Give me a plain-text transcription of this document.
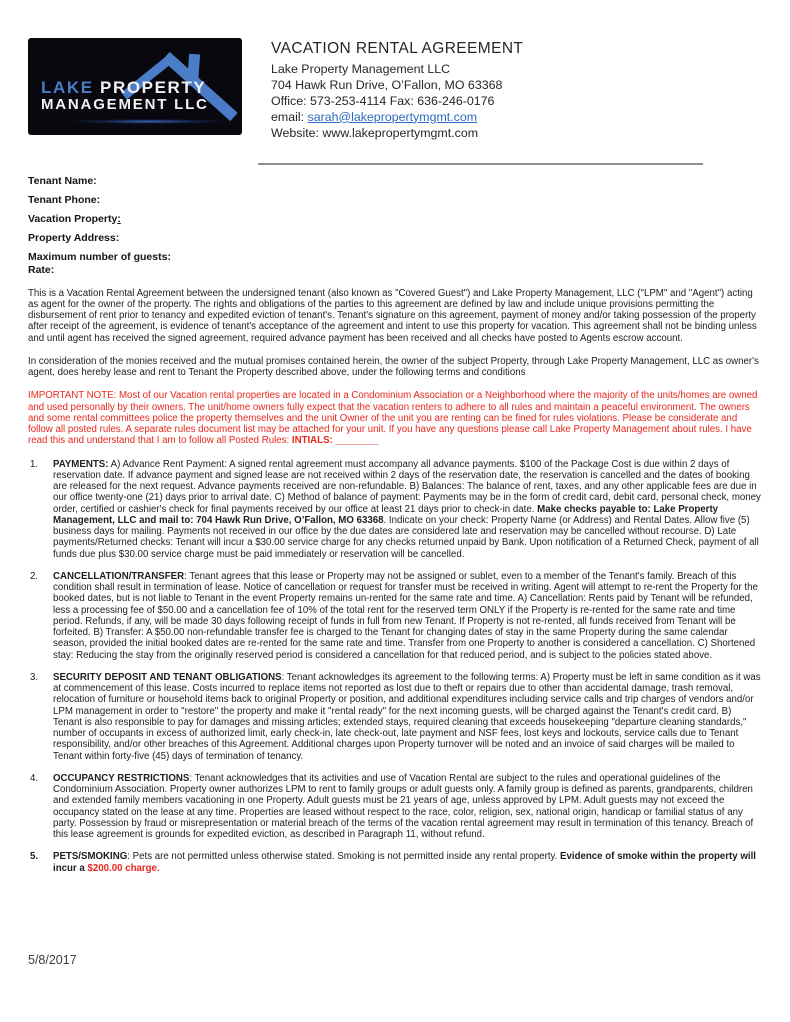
LAKE PROPERTY
MANAGEMENT LLC
VACATION RENTAL AGREEMENT
Lake Property Management LLC
704 Hawk Run Drive, O’Fallon, MO 63368
Office: 573-253-4114 Fax: 636-246-0176
email: sarah@lakepropertymgmt.com
Website: www.lakepropertymgmt.com
Tenant Name:
Tenant Phone:
Vacation Property:
Property Address:
Maximum number of guests:
Rate:
This is a Vacation Rental Agreement between the undersigned tenant (also known as "Covered Guest") and Lake Property Management, LLC ("LPM" and "Agent") acting as agent for the owner of the property. The rights and obligations of the parties to this agreement are defined by law and include unique provisions permitting the disbursement of rent prior to tenancy and expedited eviction of tenant's. Tenant's signature on this agreement, payment of money and/or taking possession of the property after receipt of the agreement, is evidence of tenant's acceptance of the agreement and intent to use this property for vacation. This agreement shall not be binding unless and until agent has received the signed agreement, required advance payment has been received and all checks have posted to Agents escrow account.
In consideration of the monies received and the mutual promises contained herein, the owner of the subject Property, through Lake Property Management, LLC as owner's agent, does hereby lease and rent to Tenant the Property described above, under the following terms and conditions
IMPORTANT NOTE: Most of our Vacation rental properties are located in a Condominium Association or a Neighborhood where the majority of the units/homes are owned and used personally by their owners. The unit/home owners fully expect that the vacation renters to adhere to all rules and maintain a peaceful environment. The owners and some rental committees police the property themselves and the unit Owner of the unit you are renting can be fined for rules violations. Please be considerate and follow all posted rules. A separate rules document list may be attached for your unit. If you have any questions please call Lake Property Management about rules. I have read this and understand that I am to follow all Posted Rules: INTIALS: ________
1.	PAYMENTS: A) Advance Rent Payment: A signed rental agreement must accompany all advance payments. $100 of the Package Cost is due within 2 days of reservation date. If advance payment and signed lease are not received within 2 days of the reservation date, the reservation is cancelled and the dates of booking are released for the next request. Advance payments received are non-refundable. B) Balances: The balance of rent, taxes, and any other applicable fees are due in our office twenty-one (21) days prior to arrival date. C) Method of balance of payment: Payments may be in the form of credit card, debit card, personal check, money order, certified or cashier's check for final payments received by our office at least 21 days prior to check-in date. Make checks payable to: Lake Property Management, LLC and mail to: 704 Hawk Run Drive, O’Fallon, MO 63368. Indicate on your check: Property Name (or Address) and Rental Dates. Allow five (5) business days for mailing. Payments not received in our office by the due dates are considered late and reservation may be cancelled without recourse. D) Late payments/Returned checks: Tenant will incur a $30.00 service charge for any checks returned unpaid by Bank. Upon notification of a Returned Check, payment of all funds due plus $30.00 service charge must be paid immediately or reservation will be cancelled.
2.	CANCELLATION/TRANSFER: Tenant agrees that this lease or Property may not be assigned or sublet, even to a member of the Tenant's family. Breach of this condition shall result in termination of lease. Notice of cancellation or request for transfer must be received in writing. Agent will attempt to re-rent the Property for the booked dates, but is not liable to Tenant in the event Property remains un-rented for the same rate and time. A) Cancellation: Rents paid by Tenant will be refunded, less a processing fee of $50.00 and a cancellation fee of 10% of the total rent for the reserved term ONLY if the Property is re-rented for the same rate and time period. Refunds, if any, will be made 30 days following receipt of funds in full from new Tenant. If Property is not re-rented, all funds received from Tenant will be forfeited. B) Transfer: A $50.00 non-refundable transfer fee is charged to the Tenant for changing dates of stay in the same Property during the same calendar season, provided the initial booked dates are re-rented for the same rate and time. Transfer from one Property to another is considered a cancellation. C) Shortened stay: Reducing the stay from the originally reserved period is considered a cancellation for that reduced period, and is subject to the policies stated above.
3.	SECURITY DEPOSIT AND TENANT OBLIGATIONS: Tenant acknowledges its agreement to the following terms: A) Property must be left in same condition as it was at commencement of this lease. Costs incurred to replace items not reported as lost due to theft or repairs due to other than accidental damage, trash removal, relocation of furniture or household items back to original Property or position, and additional expenditures including service calls and trip charges of vendors and/or LPM management in order to "restore" the property and make it "rental ready" for the next incoming guests, will be charged against the Tenant's credit card. B) Tenant is also responsible to pay for damages and missing articles; extended stays, required cleaning that exceeds housekeeping "departure cleaning standards," number of occupants in excess of authorized limit, early check-in, late check-out, late payment and NSF fees, lost keys and lockouts, service calls due to Tenant responsibility, and/or other breaches of this Agreement. Additional charges upon Property turnover will be noted and an invoice of said charges will be mailed to Tenant within forty-five (45) days of termination of tenancy.
4.	OCCUPANCY RESTRICTIONS: Tenant acknowledges that its activities and use of Vacation Rental are subject to the rules and operational guidelines of the Condominium Association. Property owner authorizes LPM to rent to family groups or adult guests only. A family group is defined as parents, grandparents, children and extended family members vacationing in one Property. Adult guests must be 21 years of age, unless approved by LPM. Adult guests may not exceed the occupancy stated on the lease at any time. Properties are leased without respect to the race, color, religion, sex, national origin, handicap or familial status of any party. Possession by fraud or misrepresentation or material breach of the terms of the vacation rental agreement may result in termination of this tenancy. Breach of this lease agreement is grounds for expedited eviction, as described in Paragraph 11, without refund.
5.	PETS/SMOKING: Pets are not permitted unless otherwise stated. Smoking is not permitted inside any rental property. Evidence of smoke within the property will incur a $200.00 charge.
5/8/2017
